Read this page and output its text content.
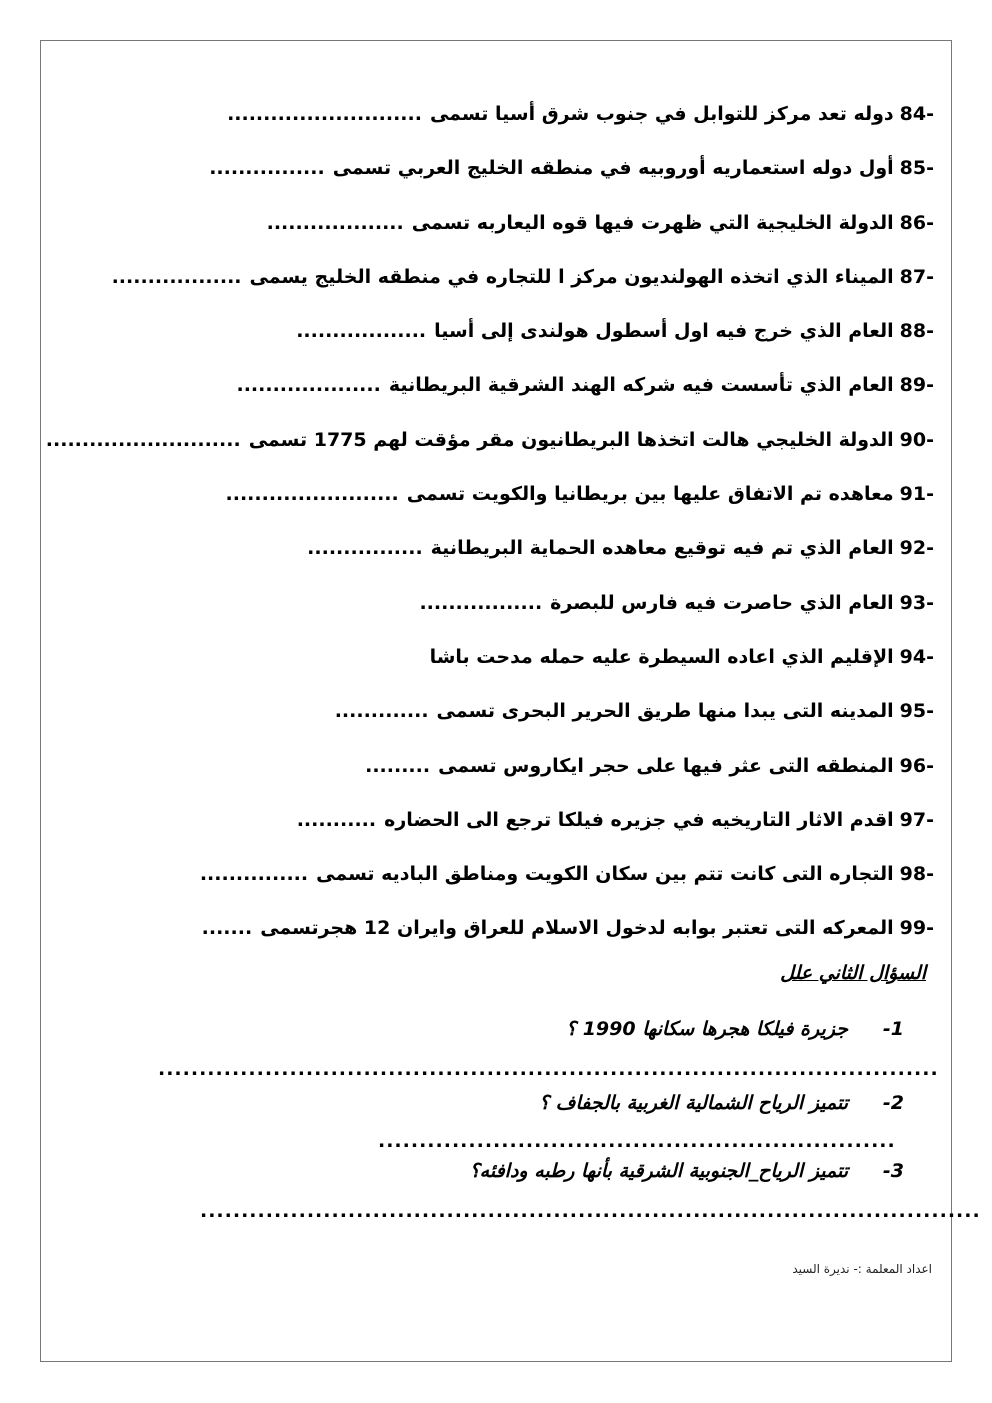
84-دوله تعد مركز للتوابل في جنوب شرق أسيا تسمى...........................
85-أول دوله استعماريه أوروبيه في منطقه الخليج العربي تسمى................
86-الدولة الخليجية التي ظهرت فيها قوه اليعاربه تسمى...................
87-الميناء الذي اتخذه الهولنديون مركز ا للتجاره في منطقه الخليج يسمى..................
88-العام الذي خرج فيه اول أسطول هولندى إلى أسيا..................
89-العام الذي تأسست فيه شركه الهند الشرقية البريطانية....................
90-الدولة الخليجي هالت اتخذها البريطانيون مقر مؤقت لهم 1775 تسمى...........................
91-معاهده تم الاتفاق عليها بين بريطانيا والكويت تسمى........................
92-العام الذي تم فيه توقيع معاهده الحماية البريطانية................
93-العام الذي حاصرت فيه فارس للبصرة.................
94-الإقليم الذي اعاده السيطرة عليه حمله مدحت باشا
95-المدينه التى يبدا منها طريق الحرير البحرى تسمى.............
96-المنطقه التى عثر فيها على حجر ايكاروس تسمى.........
97-اقدم الاثار التاريخيه في جزيره فيلكا ترجع الى الحضاره...........
98-التجاره التى كانت تتم بين سكان الكويت ومناطق الباديه تسمى...............
99-المعركه التى تعتبر بوابه لدخول الاسلام للعراق وايران 12 هجرتسمى.......
السؤال الثاني علل
-1
جزيرة فيلكا هجرها سكانها 1990 ؟
...............................................................................................
-2
تتميز الرياح الشمالية الغربية بالجفاف ؟
...............................................................
-3
تتميز الرياح_الجنوبية الشرقية بأنها رطبه ودافئه؟
...............................................................................................
اعداد المعلمة :- نديرة السيد
